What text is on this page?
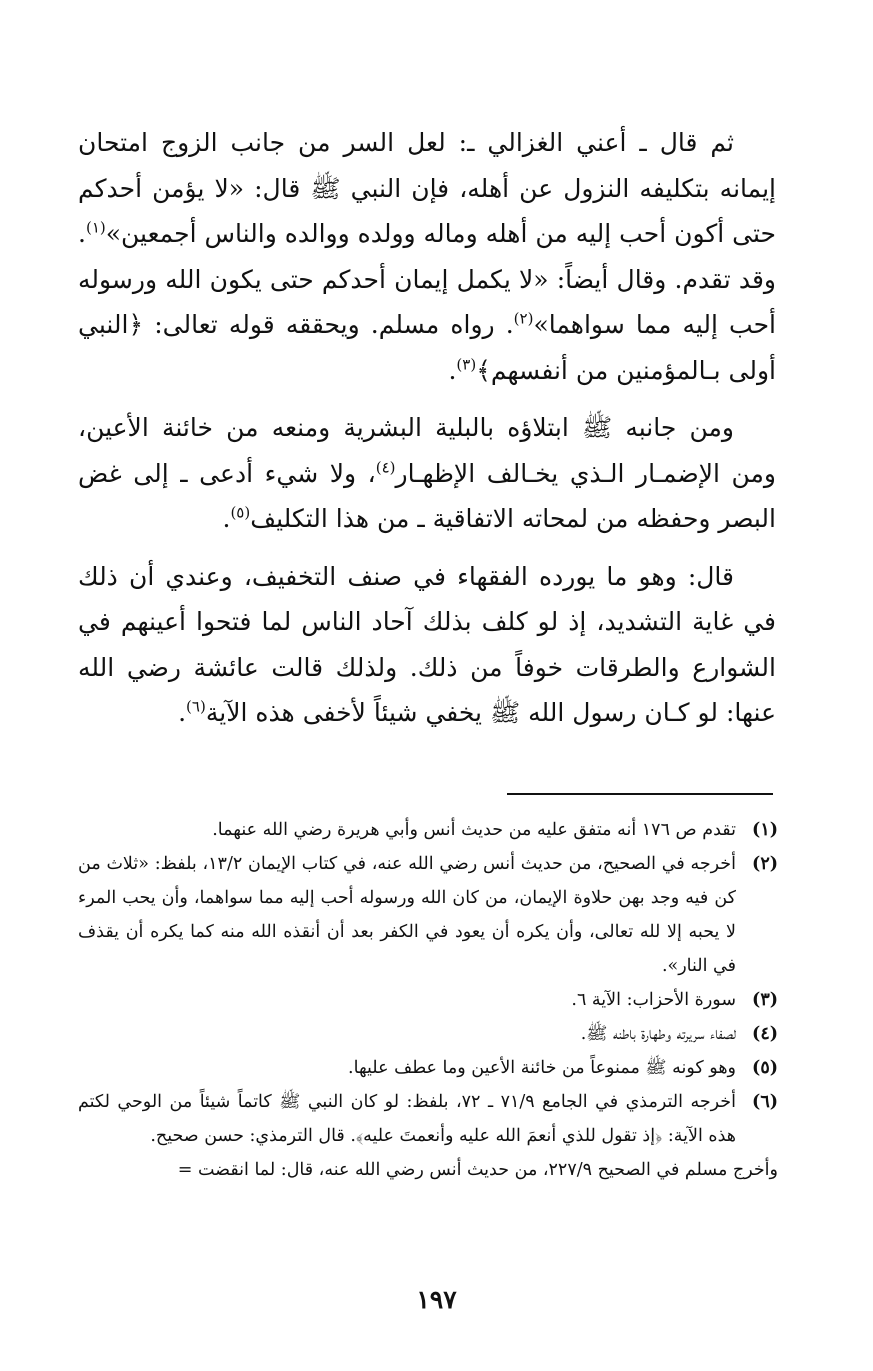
ثم قال ـ أعني الغزالي ـ: لعل السر من جانب الزوج امتحان إيمانه بتكليفه النزول عن أهله، فإن النبي ﷺ قال: «لا يؤمن أحدكم حتى أكون أحب إليه من أهله وماله وولده ووالده والناس أجمعين»$^{(١)}$. وقد تقدم. وقال أيضاً: «لا يكمل إيمان أحدكم حتى يكون الله ورسوله أحب إليه مما سواهما»$^{(٢)}$. رواه مسلم. ويحققه قوله تعالى: ﴿النبي أولى بـالمؤمنين من أنفسهم﴾$^{(٣)}$.

ومن جانبه ﷺ ابتلاؤه بالبلية البشرية ومنعه من خائنة الأعين، ومن الإضمـار الـذي يخـالف الإظهـار$^{(٤)}$، ولا شيء أدعى ـ إلى غض البصر وحفظه من لمحاته الاتفاقية ـ من هذا التكليف$^{(٥)}$.

قال: وهو ما يورده الفقهاء في صنف التخفيف، وعندي أن ذلك في غاية التشديد، إذ لو كلف بذلك آحاد الناس لما فتحوا أعينهم في الشوارع والطرقات خوفاً من ذلك. ولذلك قالت عائشة رضي الله عنها: لو كـان رسول الله ﷺ يخفي شيئاً لأخفى هذه الآية$^{(٦)}$.

(١)
تقدم ص ١٧٦ أنه متفق عليه من حديث أنس وأبي هريرة رضي الله عنهما.

(٢)
أخرجه في الصحيح، من حديث أنس رضي الله عنه، في كتاب الإيمان ١٣/٢، بلفظ: «ثلاث من كن فيه وجد بهن حلاوة الإيمان، من كان الله ورسوله أحب إليه مما سواهما، وأن يحب المرء لا يحبه إلا لله تعالى، وأن يكره أن يعود في الكفر بعد أن أنقذه الله منه كما يكره أن يقذف في النار».

(٣)
سورة الأحزاب: الآية ٦.

(٤)
لصفاء سريرته وطهارة باطنه ﷺ.

(٥)
وهو كونه ﷺ ممنوعاً من خائنة الأعين وما عطف عليها.

(٦)
أخرجه الترمذي في الجامع ٧١/٩ ـ ٧٢، بلفظ: لو كان النبي ﷺ كاتماً شيئاً من الوحي لكتم هذه الآية: ﴿إذ تقول للذي أنعمَ الله عليه وأنعمتَ عليه﴾. قال الترمذي: حسن صحيح.

وأخرج مسلم في الصحيح ٢٢٧/٩، من حديث أنس رضي الله عنه، قال: لما انقضت =

١٩٧
